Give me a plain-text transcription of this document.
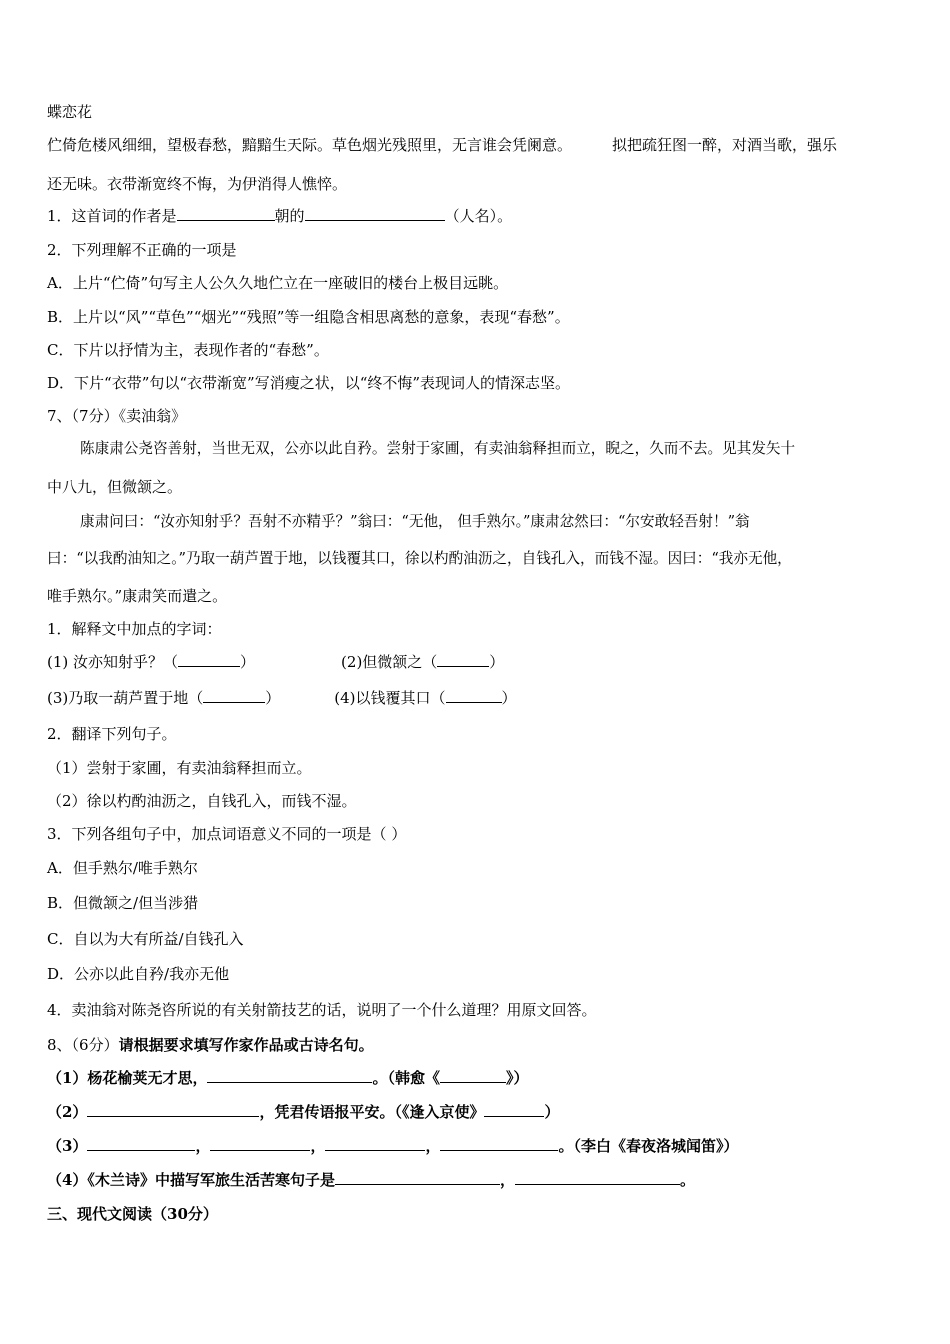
蝶恋花
伫倚危楼风细细，望极春愁，黯黯生天际。草色烟光残照里，无言谁会凭阑意。	拟把疏狂图一醉，对酒当歌，强乐
还无味。衣带渐宽终不悔，为伊消得人憔悴。
1．这首词的作者是	朝的	（人名）。
2．下列理解不正确的一项是
A．上片“伫倚”句写主人公久久地伫立在一座破旧的楼台上极目远眺。
B．上片以“风”“草色”“烟光”“残照”等一组隐含相思离愁的意象，表现“春愁”。
C．下片以抒情为主，表现作者的“春愁”。
D．下片“衣带”句以“衣带渐宽”写消瘦之状，以“终不悔”表现词人的情深志坚。
7、（7分）《卖油翁》
陈康肃公尧咨善射，当世无双，公亦以此自矜。尝射于家圃，有卖油翁释担而立，睨之，久而不去。见其发矢十
中八九，但微颔之。
康肃问曰：“汝亦知射乎？吾射不亦精乎？”翁曰：“无他， 但手熟尔。”康肃忿然曰：“尔安敢轻吾射！”翁
曰：“以我酌油知之。”乃取一葫芦置于地，以钱覆其口，徐以杓酌油沥之，自钱孔入，而钱不湿。因曰：“我亦无他，
唯手熟尔。”康肃笑而遣之。
1．解释文中加点的字词：
(1) 汝亦知射乎？（	）	(2)但微颔之（	）
(3)乃取一葫芦置于地（	）	(4)以钱覆其口（	）
2．翻译下列句子。
（1）尝射于家圃，有卖油翁释担而立。
（2）徐以杓酌油沥之，自钱孔入，而钱不湿。
3．下列各组句子中，加点词语意义不同的一项是（ ）
A．但手熟尔/唯手熟尔
B．但微颔之/但当涉猎
C．自以为大有所益/自钱孔入
D．公亦以此自矜/我亦无他
4．卖油翁对陈尧咨所说的有关射箭技艺的话，说明了一个什么道理？用原文回答。
8、（6分）请根据要求填写作家作品或古诗名句。
（1）杨花榆荚无才思，	。（韩愈《	》）
（2）	，凭君传语报平安。（《逢入京使》	）
（3）	，	，	，	。（李白《春夜洛城闻笛》）
（4）《木兰诗》中描写军旅生活苦寒句子是	，	。
三、现代文阅读（30分）
